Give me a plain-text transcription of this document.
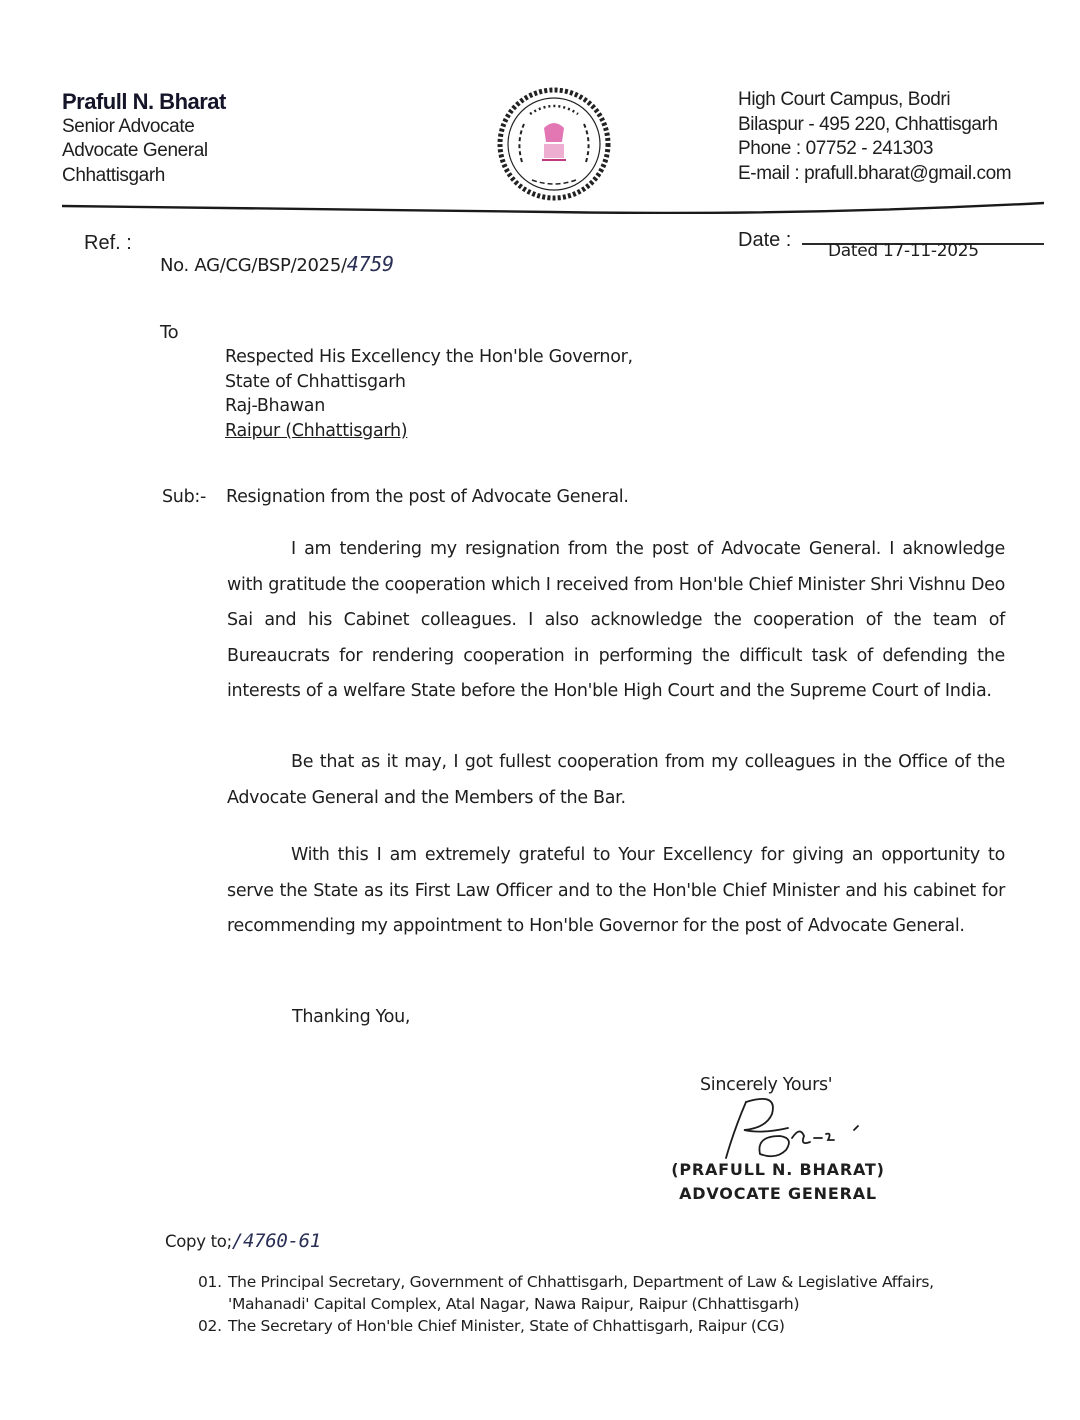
Prafull N. Bharat
Senior Advocate
Advocate General
Chhattisgarh
High Court Campus, Bodri
Bilaspur - 495 220, Chhattisgarh
Phone : 07752 - 241303
E-mail : prafull.bharat@gmail.com
Ref. :
No. AG/CG/BSP/2025/4759
Date : Dated 17-11-2025
To
Respected His Excellency the Hon'ble Governor,
State of Chhattisgarh
Raj-Bhawan
Raipur (Chhattisgarh)
Sub:- Resignation from the post of Advocate General.
I am tendering my resignation from the post of Advocate General. I aknowledge with gratitude the cooperation which I received from Hon'ble Chief Minister Shri Vishnu Deo Sai and his Cabinet colleagues. I also acknowledge the cooperation of the team of Bureaucrats for rendering cooperation in performing the difficult task of defending the interests of a welfare State before the Hon'ble High Court and the Supreme Court of India.
Be that as it may, I got fullest cooperation from my colleagues in the Office of the Advocate General and the Members of the Bar.
With this I am extremely grateful to Your Excellency for giving an opportunity to serve the State as its First Law Officer and to the Hon'ble Chief Minister and his cabinet for recommending my appointment to Hon'ble Governor for the post of Advocate General.
Thanking You,
Sincerely Yours'
(PRAFULL N. BHARAT)
ADVOCATE GENERAL
Copy to;/4760-61
01. The Principal Secretary, Government of Chhattisgarh, Department of Law & Legislative Affairs,
'Mahanadi' Capital Complex, Atal Nagar, Nawa Raipur, Raipur (Chhattisgarh)
02. The Secretary of Hon'ble Chief Minister, State of Chhattisgarh, Raipur (CG)
